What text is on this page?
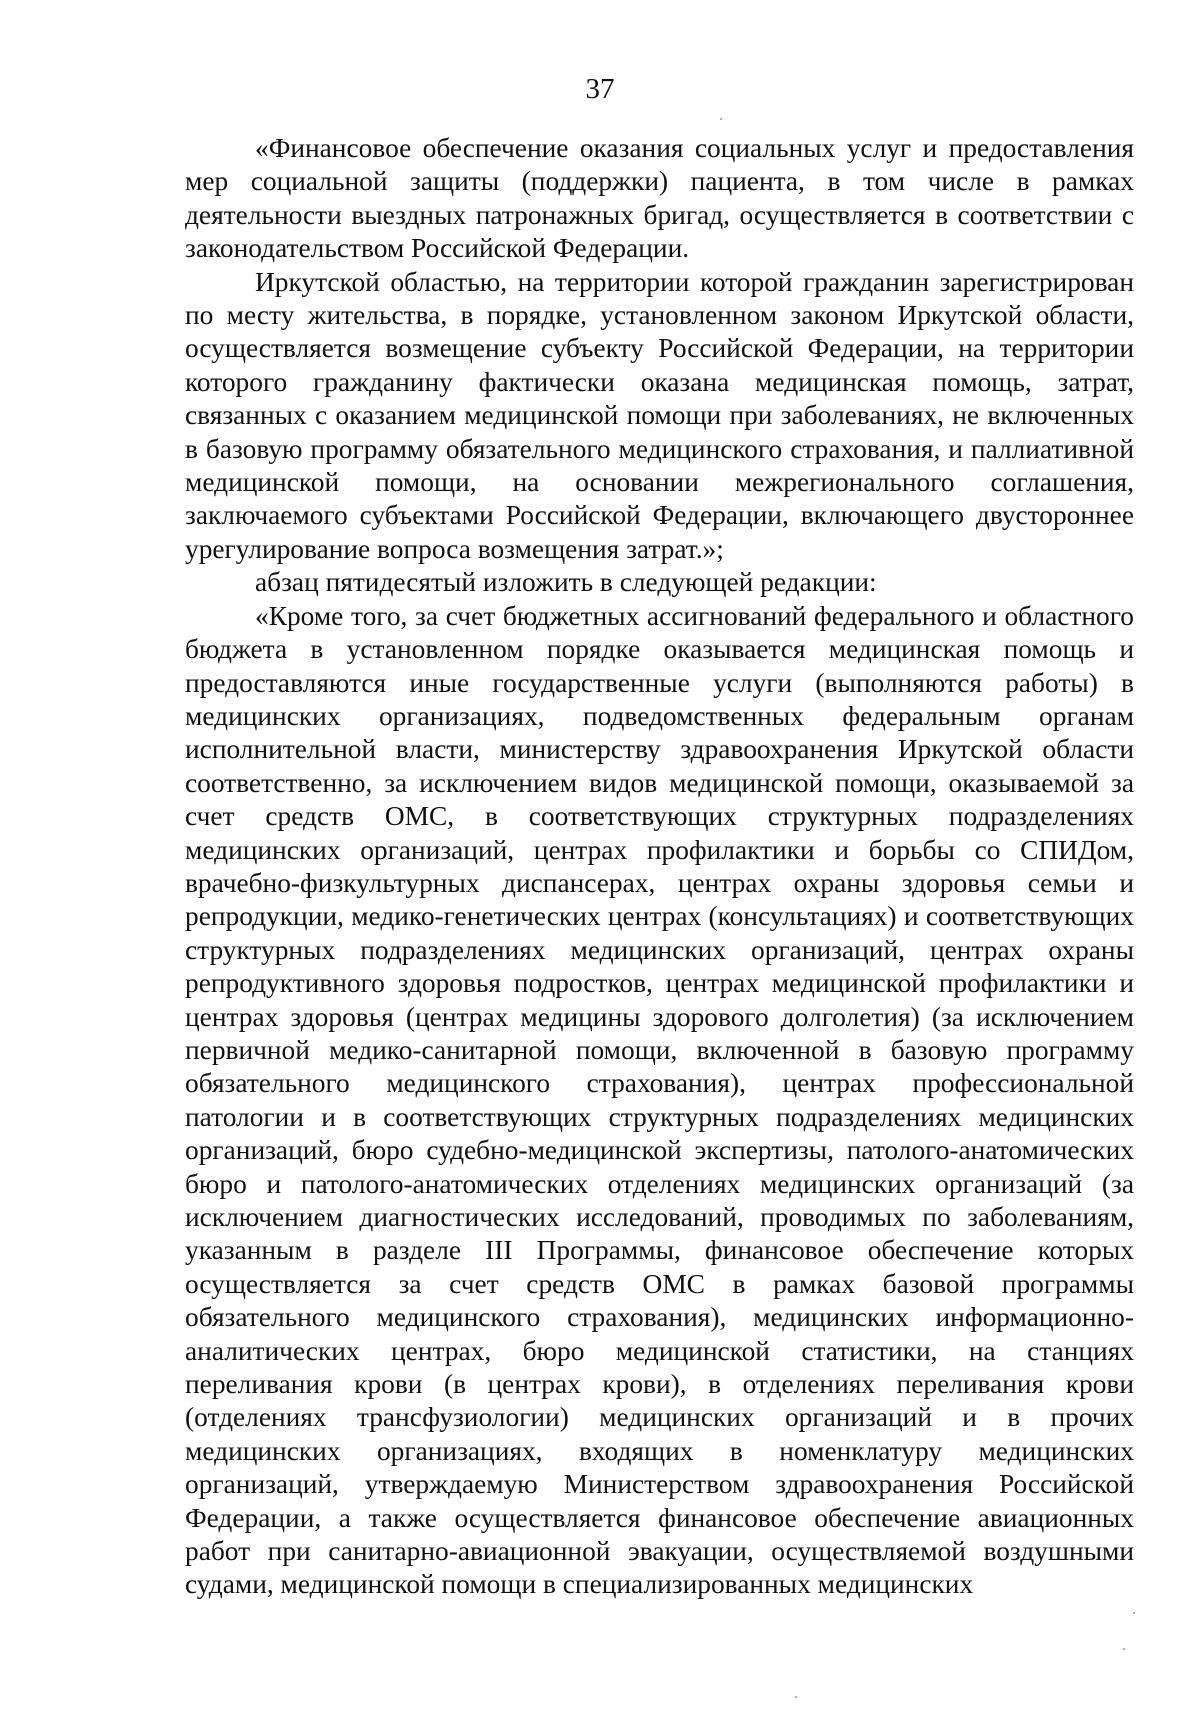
37

«Финансовое обеспечение оказания социальных услуг и предоставления мер социальной защиты (поддержки) пациента, в том числе в рамках деятельности выездных патронажных бригад, осуществляется в соответствии с законодательством Российской Федерации.

Иркутской областью, на территории которой гражданин зарегистрирован по месту жительства, в порядке, установленном законом Иркутской области, осуществляется возмещение субъекту Российской Федерации, на территории которого гражданину фактически оказана медицинская помощь, затрат, связанных с оказанием медицинской помощи при заболеваниях, не включенных в базовую программу обязательного медицинского страхования, и паллиативной медицинской помощи, на основании межрегионального соглашения, заключаемого субъектами Российской Федерации, включающего двустороннее урегулирование вопроса возмещения затрат.»;

абзац пятидесятый изложить в следующей редакции:

«Кроме того, за счет бюджетных ассигнований федерального и областного бюджета в установленном порядке оказывается медицинская помощь и предоставляются иные государственные услуги (выполняются работы) в медицинских организациях, подведомственных федеральным органам исполнительной власти, министерству здравоохранения Иркутской области соответственно, за исключением видов медицинской помощи, оказываемой за счет средств ОМС, в соответствующих структурных подразделениях медицинских организаций, центрах профилактики и борьбы со СПИДом, врачебно-физкультурных диспансерах, центрах охраны здоровья семьи и репродукции, медико-генетических центрах (консультациях) и соответствующих структурных подразделениях медицинских организаций, центрах охраны репродуктивного здоровья подростков, центрах медицинской профилактики и центрах здоровья (центрах медицины здорового долголетия) (за исключением первичной медико-санитарной помощи, включенной в базовую программу обязательного медицинского страхования), центрах профессиональной патологии и в соответствующих структурных подразделениях медицинских организаций, бюро судебно-медицинской экспертизы, патолого-анатомических бюро и патолого-анатомических отделениях медицинских организаций (за исключением диагностических исследований, проводимых по заболеваниям, указанным в разделе III Программы, финансовое обеспечение которых осуществляется за счет средств ОМС в рамках базовой программы обязательного медицинского страхования), медицинских информационно-аналитических центрах, бюро медицинской статистики, на станциях переливания крови (в центрах крови), в отделениях переливания крови (отделениях трансфузиологии) медицинских организаций и в прочих медицинских организациях, входящих в номенклатуру медицинских организаций, утверждаемую Министерством здравоохранения Российской Федерации, а также осуществляется финансовое обеспечение авиационных работ при санитарно-авиационной эвакуации, осуществляемой воздушными судами, медицинской помощи в специализированных медицинских
